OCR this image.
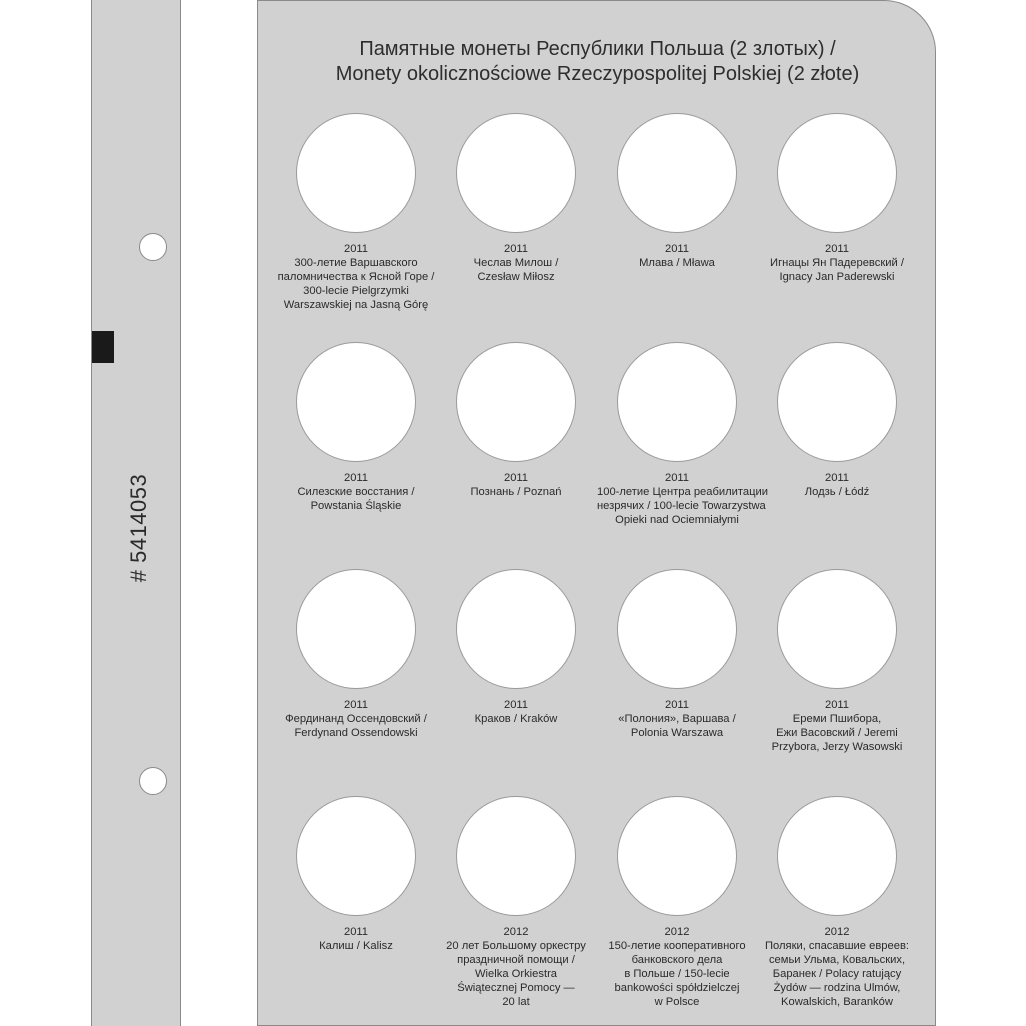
# 5414053
Памятные монеты Республики Польша (2 злотых) /
Monety okolicznościowe Rzeczypospolitej Polskiej (2 złote)
2011
300-летие Варшавского
паломничества к Ясной Горе /
300-lecie Pielgrzymki
Warszawskiej na Jasną Górę
2011
Чеслав Милош /
Czesław Miłosz
2011
Млава / Mława
2011
Игнацы Ян Падеревский /
Ignacy Jan Paderewski
2011
Силезские восстания /
Powstania Śląskie
2011
Познань / Poznań
2011
100-летие Центра реабилитации
незрячих / 100-lecie Towarzystwa
Opieki nad Ociemniałymi
2011
Лодзь / Łódź
2011
Фердинанд Оссендовский /
Ferdynand Ossendowski
2011
Краков / Kraków
2011
«Полония», Варшава /
Polonia Warszawa
2011
Ереми Пшибора,
Ежи Васовский / Jeremi
Przybora, Jerzy Wasowski
2011
Калиш / Kalisz
2012
20 лет Большому оркестру
праздничной помощи /
Wielka Orkiestra
Świątecznej Pomocy —
20 lat
2012
150-летие кооперативного
банковского дела
в Польше / 150-lecie
bankowości spółdzielczej
w Polsce
2012
Поляки, спасавшие евреев:
семьи Ульма, Ковальских,
Баранек / Polacy ratujący
Żydów — rodzina Ulmów,
Kowalskich, Baranków
